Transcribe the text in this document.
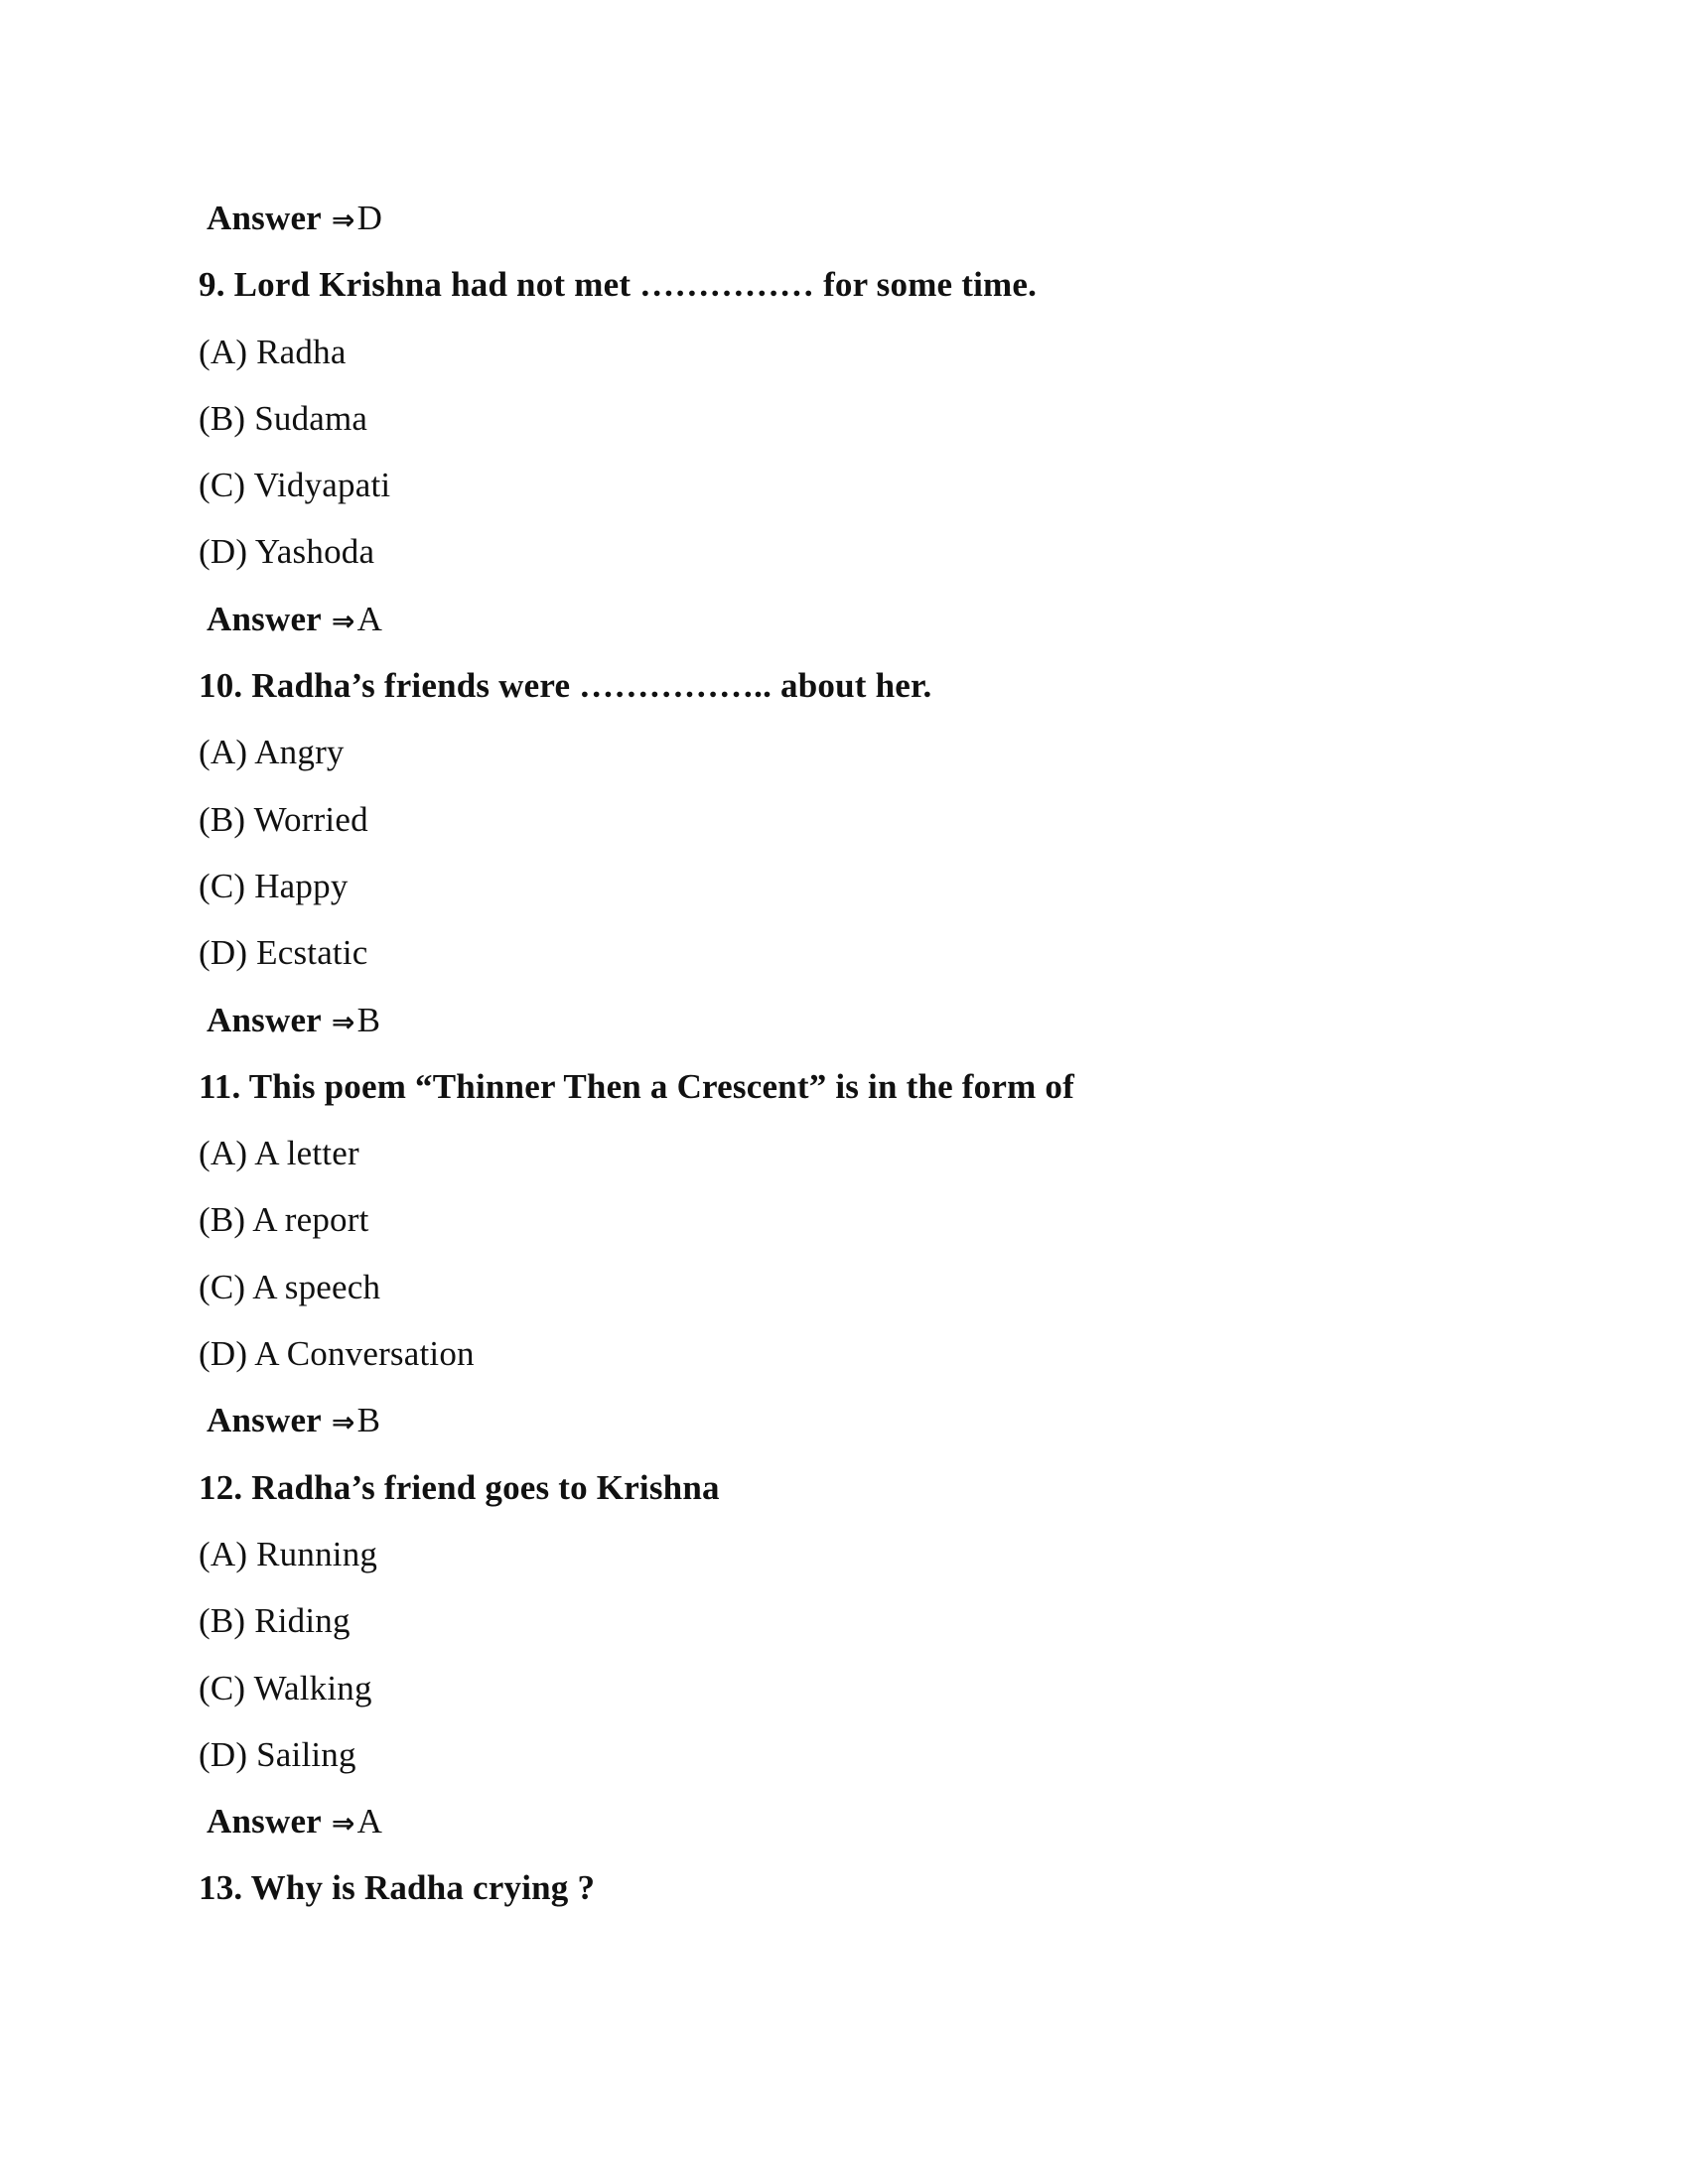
Answer ⇒D
9. Lord Krishna had not met …………… for some time.
(A) Radha
(B) Sudama
(C) Vidyapati
(D) Yashoda
Answer ⇒A
10. Radha’s friends were …………….. about her.
(A) Angry
(B) Worried
(C) Happy
(D) Ecstatic
Answer ⇒B
11. This poem “Thinner Then a Crescent” is in the form of
(A) A letter
(B) A report
(C) A speech
(D) A Conversation
Answer ⇒B
12. Radha’s friend goes to Krishna
(A) Running
(B) Riding
(C) Walking
(D) Sailing
Answer ⇒A
13. Why is Radha crying ?
